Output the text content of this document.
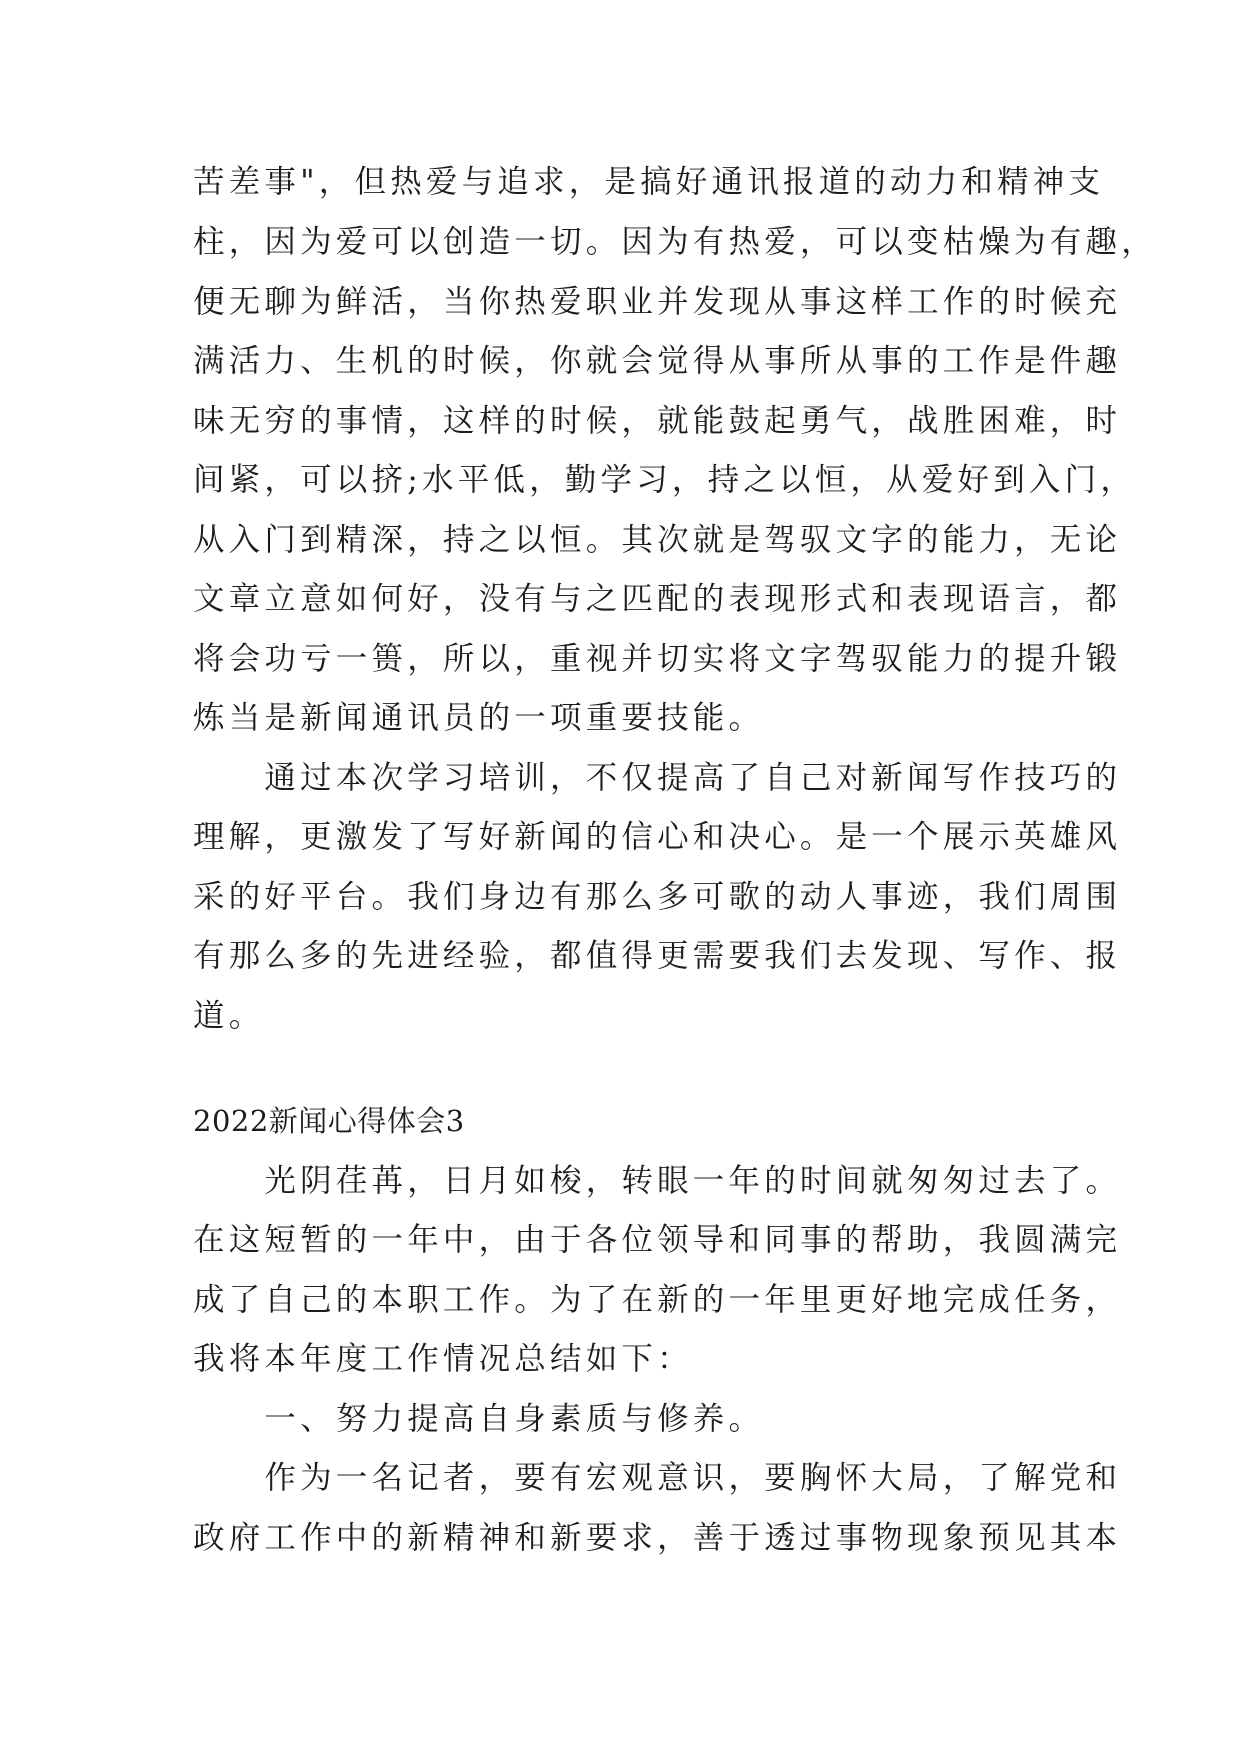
苦差事"，但热爱与追求，是搞好通讯报道的动力和精神支
柱，因为爱可以创造一切。因为有热爱，可以变枯燥为有趣，
便无聊为鲜活，当你热爱职业并发现从事这样工作的时候充
满活力、生机的时候，你就会觉得从事所从事的工作是件趣
味无穷的事情，这样的时候，就能鼓起勇气，战胜困难，时
间紧，可以挤;水平低，勤学习，持之以恒，从爱好到入门，
从入门到精深，持之以恒。其次就是驾驭文字的能力，无论
文章立意如何好，没有与之匹配的表现形式和表现语言，都
将会功亏一篑，所以，重视并切实将文字驾驭能力的提升锻
炼当是新闻通讯员的一项重要技能。
　　通过本次学习培训，不仅提高了自己对新闻写作技巧的
理解，更激发了写好新闻的信心和决心。是一个展示英雄风
采的好平台。我们身边有那么多可歌的动人事迹，我们周围
有那么多的先进经验，都值得更需要我们去发现、写作、报
道。
2022新闻心得体会3
　　光阴荏苒，日月如梭，转眼一年的时间就匆匆过去了。
在这短暂的一年中，由于各位领导和同事的帮助，我圆满完
成了自己的本职工作。为了在新的一年里更好地完成任务，
我将本年度工作情况总结如下：
　　一、努力提高自身素质与修养。
　　作为一名记者，要有宏观意识，要胸怀大局，了解党和
政府工作中的新精神和新要求，善于透过事物现象预见其本
